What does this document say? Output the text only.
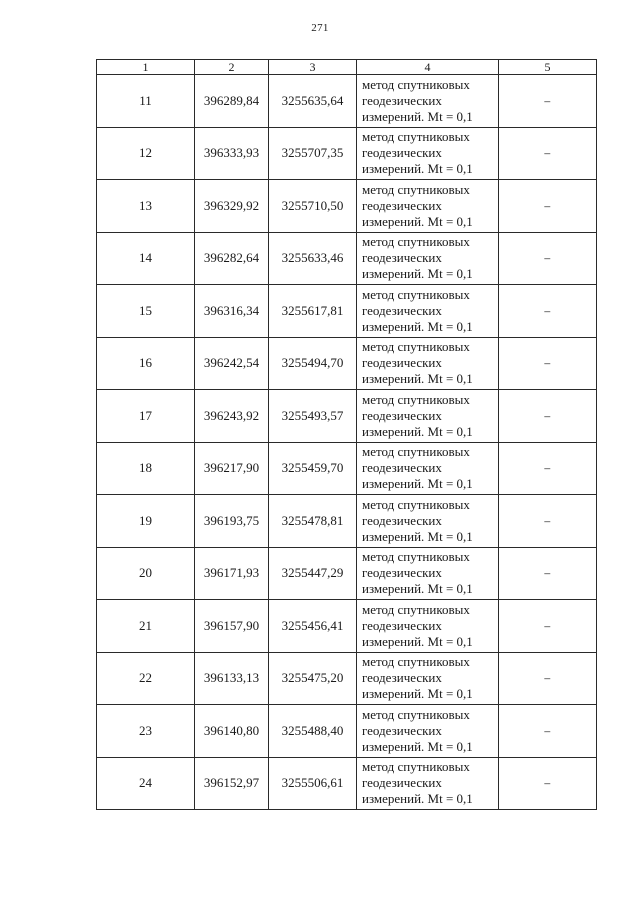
271
1	2	3	4	5
11	396289,84	3255635,64	метод спутниковых
геодезических
измерений. Mt = 0,1	–
12	396333,93	3255707,35	метод спутниковых
геодезических
измерений. Mt = 0,1	–
13	396329,92	3255710,50	метод спутниковых
геодезических
измерений. Mt = 0,1	–
14	396282,64	3255633,46	метод спутниковых
геодезических
измерений. Mt = 0,1	–
15	396316,34	3255617,81	метод спутниковых
геодезических
измерений. Mt = 0,1	–
16	396242,54	3255494,70	метод спутниковых
геодезических
измерений. Mt = 0,1	–
17	396243,92	3255493,57	метод спутниковых
геодезических
измерений. Mt = 0,1	–
18	396217,90	3255459,70	метод спутниковых
геодезических
измерений. Mt = 0,1	–
19	396193,75	3255478,81	метод спутниковых
геодезических
измерений. Mt = 0,1	–
20	396171,93	3255447,29	метод спутниковых
геодезических
измерений. Mt = 0,1	–
21	396157,90	3255456,41	метод спутниковых
геодезических
измерений. Mt = 0,1	–
22	396133,13	3255475,20	метод спутниковых
геодезических
измерений. Mt = 0,1	–
23	396140,80	3255488,40	метод спутниковых
геодезических
измерений. Mt = 0,1	–
24	396152,97	3255506,61	метод спутниковых
геодезических
измерений. Mt = 0,1	–
